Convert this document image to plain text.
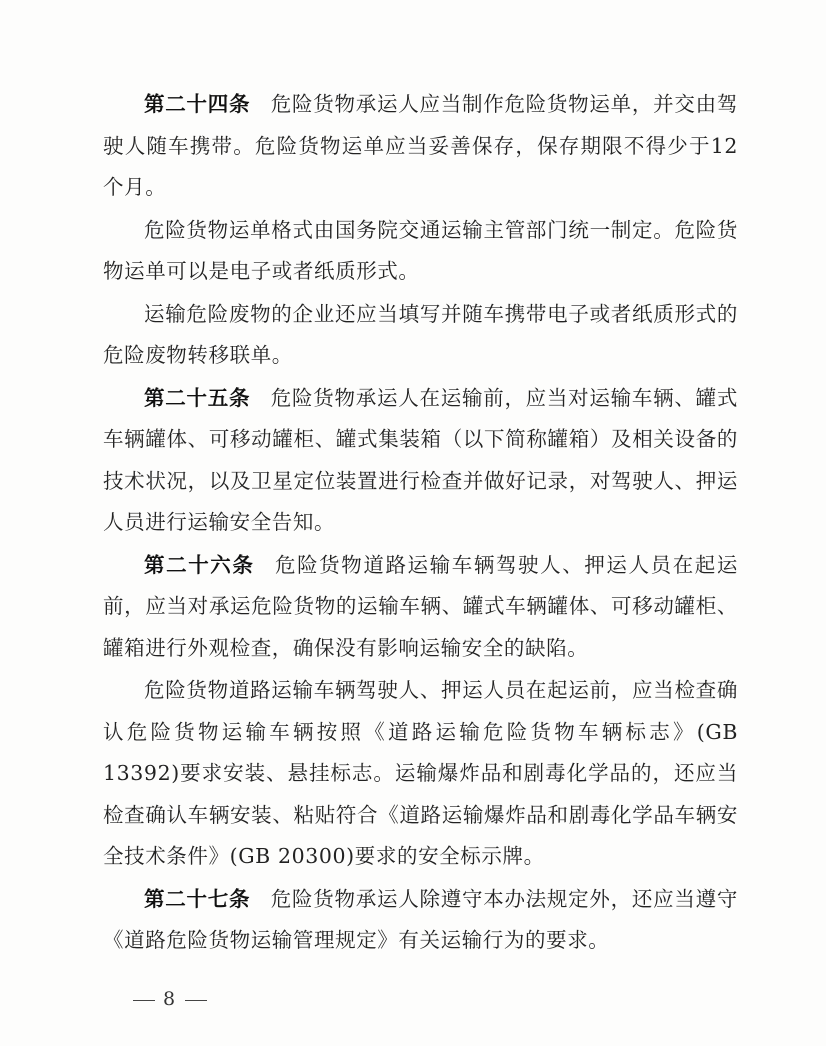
第二十四条 危险货物承运人应当制作危险货物运单，并交由驾驶人随车携带。危险货物运单应当妥善保存，保存期限不得少于12个月。

危险货物运单格式由国务院交通运输主管部门统一制定。危险货物运单可以是电子或者纸质形式。

运输危险废物的企业还应当填写并随车携带电子或者纸质形式的危险废物转移联单。

第二十五条 危险货物承运人在运输前，应当对运输车辆、罐式车辆罐体、可移动罐柜、罐式集装箱（以下简称罐箱）及相关设备的技术状况，以及卫星定位装置进行检查并做好记录，对驾驶人、押运人员进行运输安全告知。

第二十六条 危险货物道路运输车辆驾驶人、押运人员在起运前，应当对承运危险货物的运输车辆、罐式车辆罐体、可移动罐柜、罐箱进行外观检查，确保没有影响运输安全的缺陷。

危险货物道路运输车辆驾驶人、押运人员在起运前，应当检查确认危险货物运输车辆按照《道路运输危险货物车辆标志》(GB 13392)要求安装、悬挂标志。运输爆炸品和剧毒化学品的，还应当检查确认车辆安装、粘贴符合《道路运输爆炸品和剧毒化学品车辆安全技术条件》(GB 20300)要求的安全标示牌。

第二十七条 危险货物承运人除遵守本办法规定外，还应当遵守《道路危险货物运输管理规定》有关运输行为的要求。

8
